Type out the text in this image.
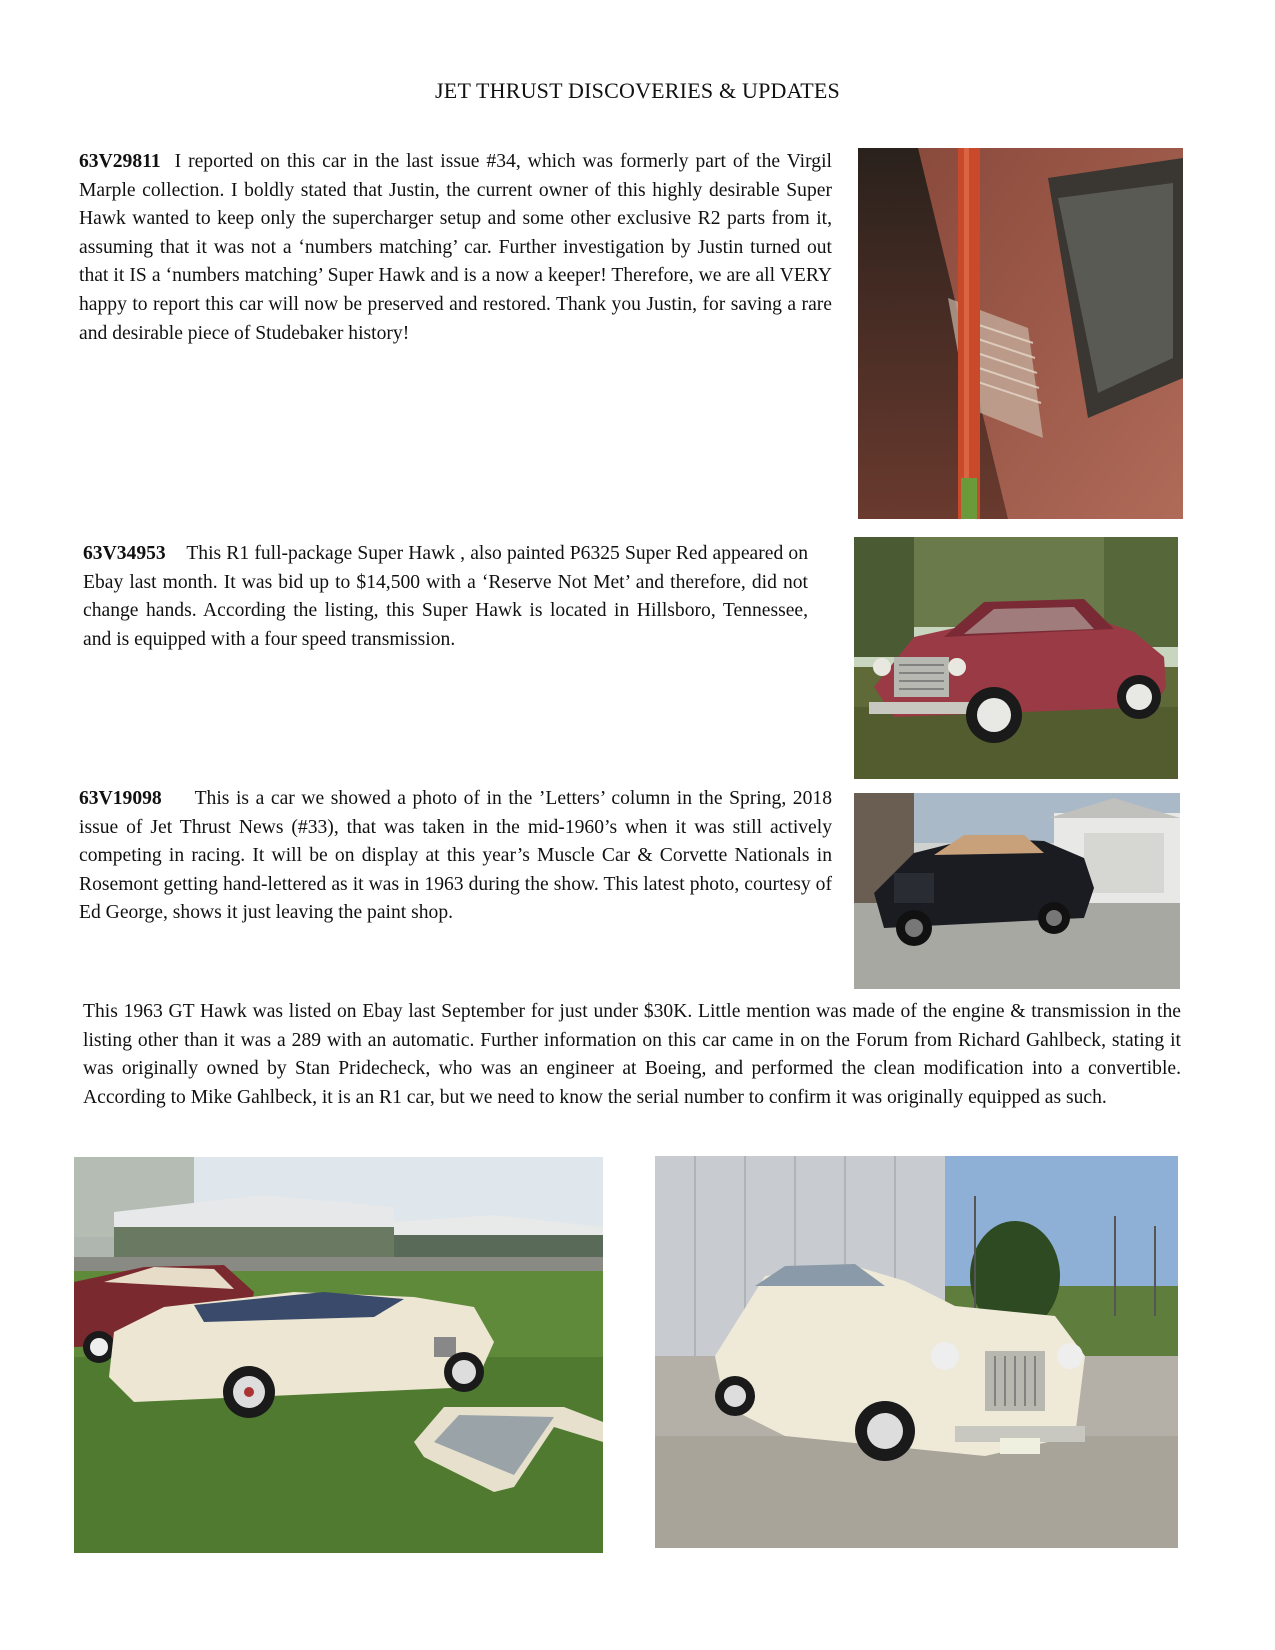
JET THRUST DISCOVERIES & UPDATES
63V29811 I reported on this car in the last issue #34, which was formerly part of the Virgil Marple collection. I boldly stated that Justin, the current owner of this highly desirable Super Hawk wanted to keep only the supercharger setup and some other exclusive R2 parts from it, assuming that it was not a ‘numbers matching’ car. Further investigation by Justin turned out that it IS a ‘numbers matching’ Super Hawk and is a now a keeper! Therefore, we are all VERY happy to report this car will now be preserved and restored. Thank you Justin, for saving a rare and desirable piece of Studebaker history!
63V34953 This R1 full-package Super Hawk , also painted P6325 Super Red appeared on Ebay last month. It was bid up to $14,500 with a ‘Reserve Not Met’ and therefore, did not change hands. According the listing, this Super Hawk is located in Hillsboro, Tennessee, and is equipped with a four speed transmission.
63V19098 This is a car we showed a photo of in the ’Letters’ column in the Spring, 2018 issue of Jet Thrust News (#33), that was taken in the mid-1960’s when it was still actively competing in racing. It will be on display at this year’s Muscle Car & Corvette Nationals in Rosemont getting hand-lettered as it was in 1963 during the show. This latest photo, courtesy of Ed George, shows it just leaving the paint shop.
This 1963 GT Hawk was listed on Ebay last September for just under $30K. Little mention was made of the engine & transmission in the listing other than it was a 289 with an automatic. Further information on this car came in on the Forum from Richard Gahlbeck, stating it was originally owned by Stan Pridecheck, who was an engineer at Boeing, and performed the clean modification into a convertible. According to Mike Gahlbeck, it is an R1 car, but we need to know the serial number to confirm it was originally equipped as such.
